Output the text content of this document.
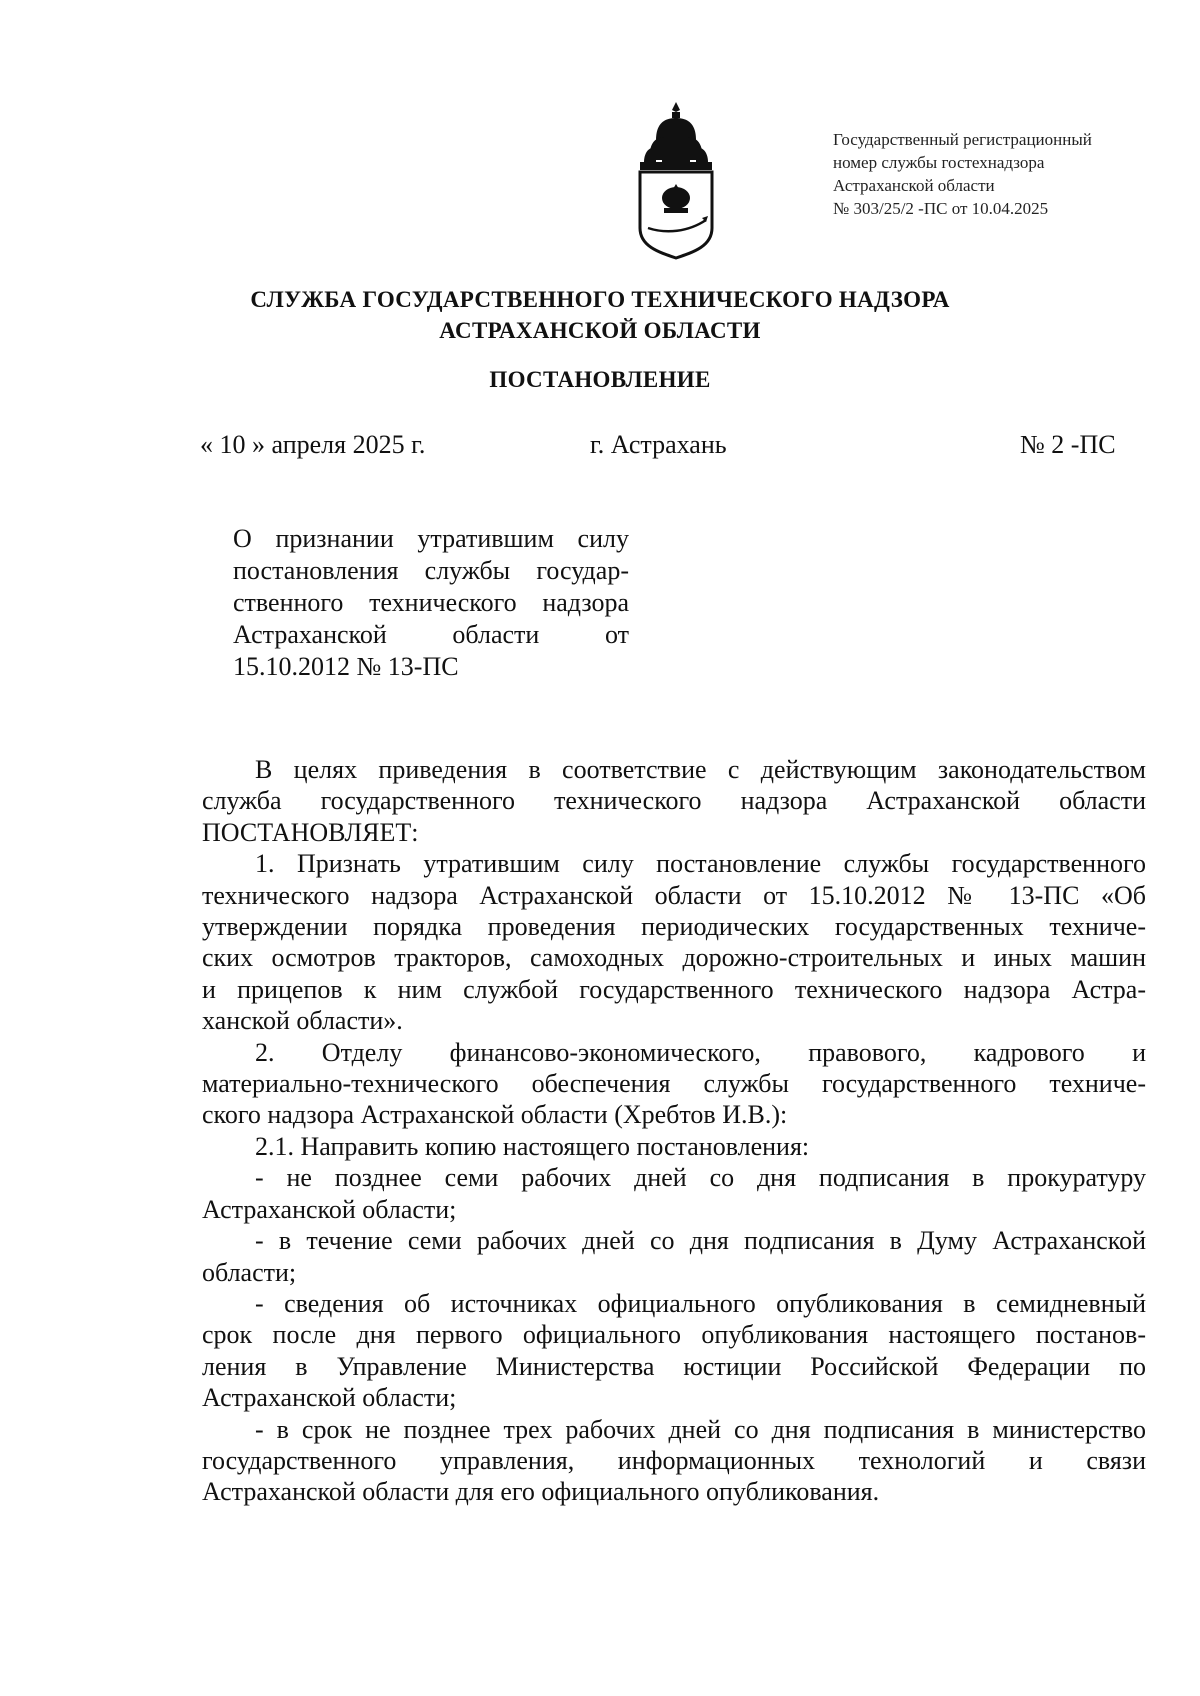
Государственный регистрационный
номер службы гостехнадзора
Астраханской области
№ 303/25/2 -ПС от 10.04.2025
СЛУЖБА ГОСУДАРСТВЕННОГО ТЕХНИЧЕСКОГО НАДЗОРА
АСТРАХАНСКОЙ ОБЛАСТИ
ПОСТАНОВЛЕНИЕ
« 10 » апреля 2025 г.	г. Астрахань	№ 2 -ПС
О признании утратившим силу
постановления службы государ-
ственного технического надзора
Астраханской области от
15.10.2012 № 13-ПС
В целях приведения в соответствие с действующим законодательством
служба государственного технического надзора Астраханской области
ПОСТАНОВЛЯЕТ:
1. Признать утратившим силу постановление службы государственного
технического надзора Астраханской области от 15.10.2012 № 13-ПС «Об
утверждении порядка проведения периодических государственных техниче-
ских осмотров тракторов, самоходных дорожно-строительных и иных машин
и прицепов к ним службой государственного технического надзора Астра-
ханской области».
2. Отделу финансово-экономического, правового, кадрового и
материально-технического обеспечения службы государственного техниче-
ского надзора Астраханской области (Хребтов И.В.):
2.1. Направить копию настоящего постановления:
- не позднее семи рабочих дней со дня подписания в прокуратуру
Астраханской области;
- в течение семи рабочих дней со дня подписания в Думу Астраханской
области;
- сведения об источниках официального опубликования в семидневный
срок после дня первого официального опубликования настоящего постанов-
ления в Управление Министерства юстиции Российской Федерации по
Астраханской области;
- в срок не позднее трех рабочих дней со дня подписания в министерство
государственного управления, информационных технологий и связи
Астраханской области для его официального опубликования.
